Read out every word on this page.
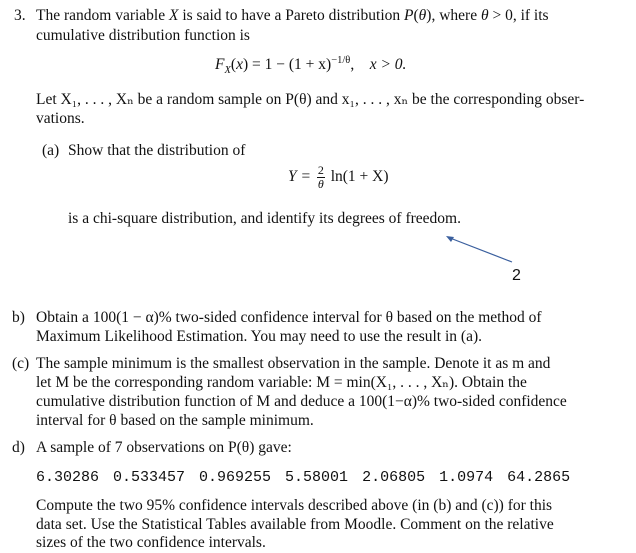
3. The random variable X is said to have a Pareto distribution P(θ), where θ > 0, if its
cumulative distribution function is
$F_X(x) = 1 - (1 + x)^{-1/\theta}$,    x > 0.
Let X₁, . . . , Xₙ be a random sample on P(θ) and x₁, . . . , xₙ be the corresponding obser-
vations.
(a) Show that the distribution of
$Y = \frac{2}{\theta} \ln(1 + X)$
is a chi-square distribution, and identify its degrees of freedom.
2
b) Obtain a 100(1 − α)% two-sided confidence interval for θ based on the method of
Maximum Likelihood Estimation. You may need to use the result in (a).
(c) The sample minimum is the smallest observation in the sample. Denote it as m and
let M be the corresponding random variable: M = min(X₁, . . . , Xₙ). Obtain the
cumulative distribution function of M and deduce a 100(1−α)% two-sided confidence
interval for θ based on the sample minimum.
d) A sample of 7 observations on P(θ) gave:
6.30286 0.533457 0.969255 5.58001 2.06805 1.0974 64.2865
Compute the two 95% confidence intervals described above (in (b) and (c)) for this
data set. Use the Statistical Tables available from Moodle. Comment on the relative
sizes of the two confidence intervals.
